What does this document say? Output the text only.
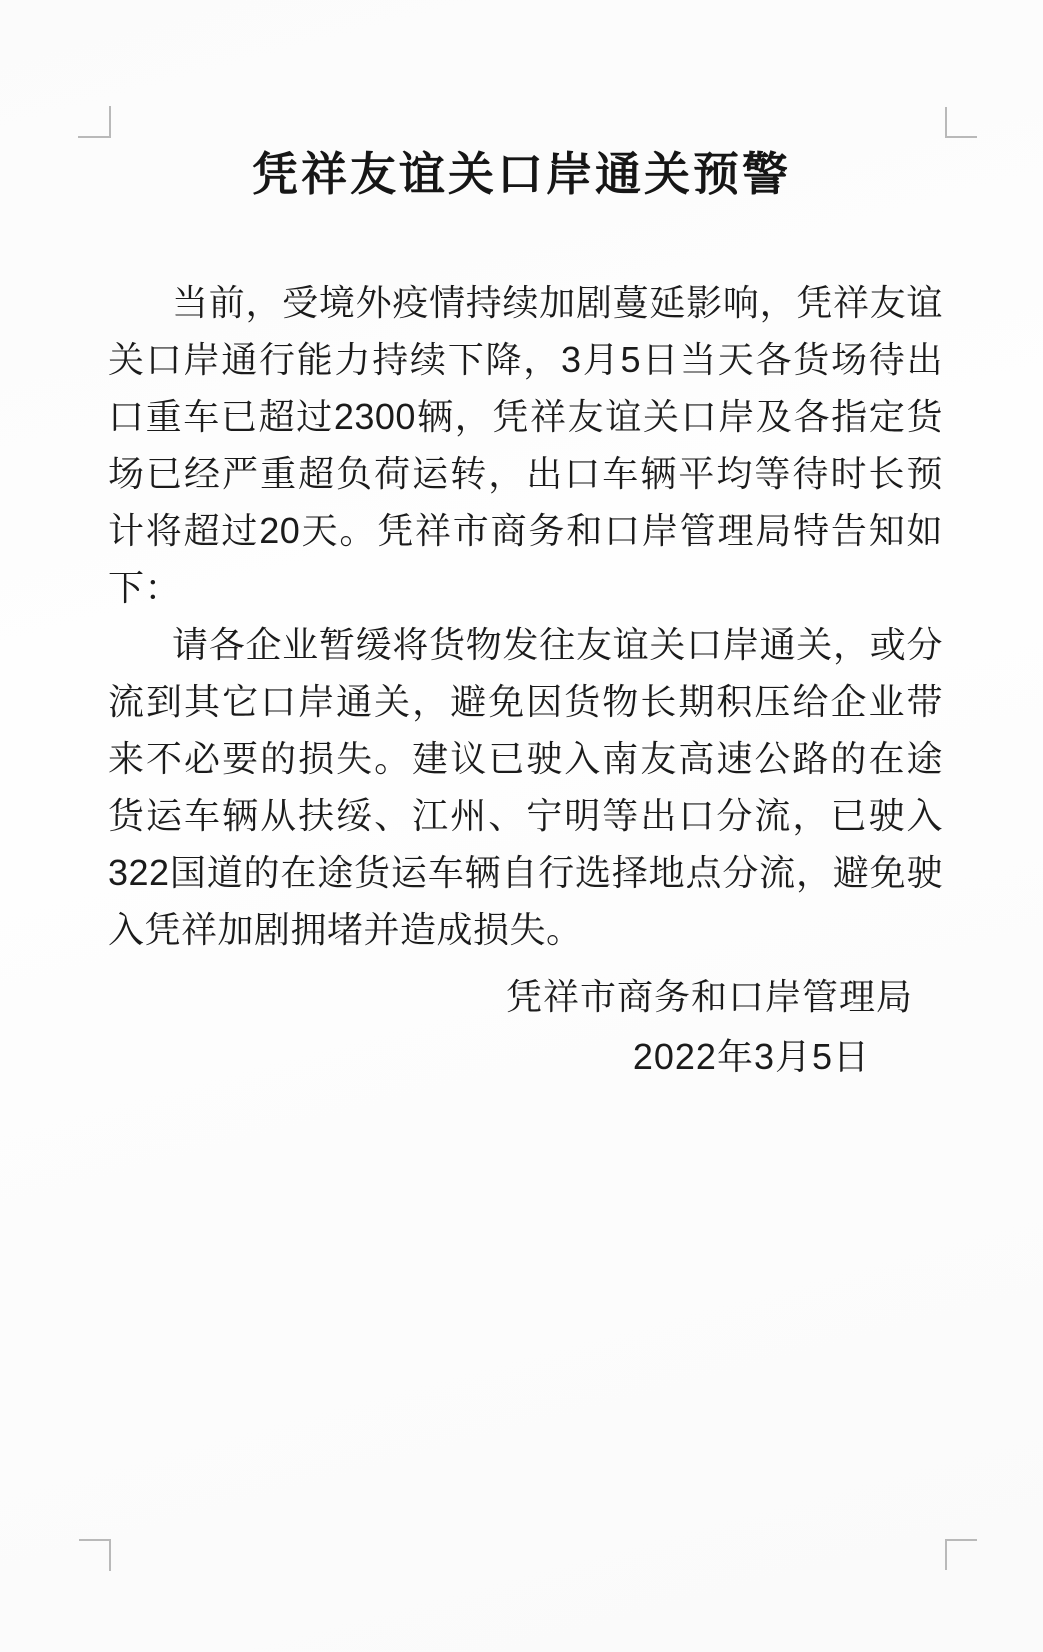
凭祥友谊关口岸通关预警

当前，受境外疫情持续加剧蔓延影响，凭祥友谊关口岸通行能力持续下降，3月5日当天各货场待出口重车已超过2300辆，凭祥友谊关口岸及各指定货场已经严重超负荷运转，出口车辆平均等待时长预计将超过20天。凭祥市商务和口岸管理局特告知如下：

请各企业暂缓将货物发往友谊关口岸通关，或分流到其它口岸通关，避免因货物长期积压给企业带来不必要的损失。建议已驶入南友高速公路的在途货运车辆从扶绥、江州、宁明等出口分流，已驶入322国道的在途货运车辆自行选择地点分流，避免驶入凭祥加剧拥堵并造成损失。

凭祥市商务和口岸管理局
2022年3月5日
